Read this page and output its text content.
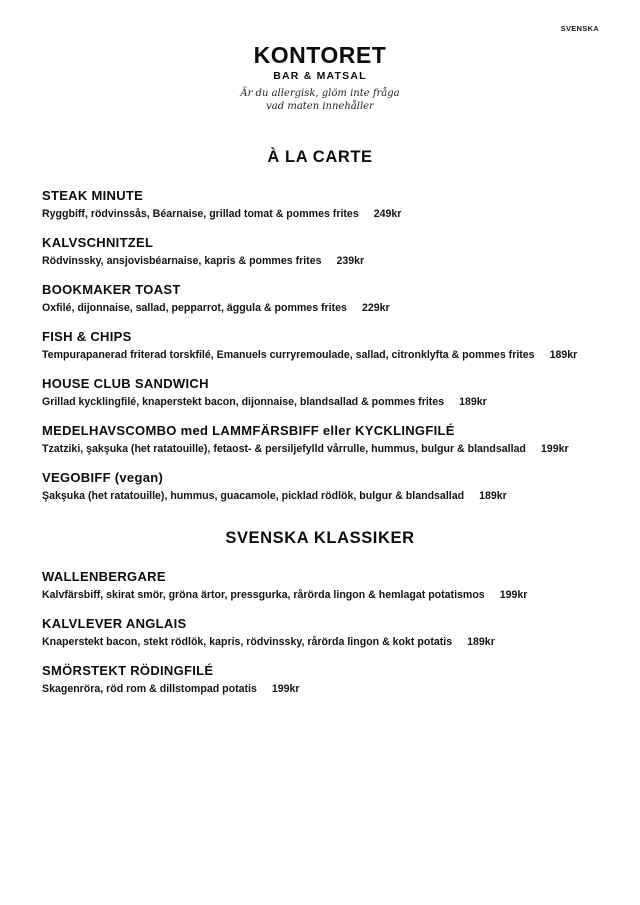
SVENSKA
KONTORET
BAR & MATSAL
Är du allergisk, glöm inte fråga
vad maten innehåller
À LA CARTE
STEAK MINUTE
Ryggbiff, rödvinssås, Béarnaise, grillad tomat & pommes frites 249kr
KALVSCHNITZEL
Rödvinssky, ansjovisbéarnaise, kapris & pommes frites 239kr
BOOKMAKER TOAST
Oxfilé, dijonnaise, sallad, pepparrot, äggula & pommes frites 229kr
FISH & CHIPS
Tempurapanerad friterad torskfilé, Emanuels curryremoulade, sallad, citronklyfta & pommes frites 189kr
HOUSE CLUB SANDWICH
Grillad kycklingfilé, knaperstekt bacon, dijonnaise, blandsallad & pommes frites 189kr
MEDELHAVSCOMBO med LAMMFÄRSBIFF eller KYCKLINGFILÉ
Tzatziki, şakşuka (het ratatouille), fetaost- & persiljefylld vårrulle, hummus, bulgur & blandsallad 199kr
VEGOBIFF (vegan)
Şakşuka (het ratatouille), hummus, guacamole, picklad rödlök, bulgur & blandsallad 189kr
SVENSKA KLASSIKER
WALLENBERGARE
Kalvfärsbiff, skirat smör, gröna ärtor, pressgurka, rårörda lingon & hemlagat potatismos 199kr
KALVLEVER ANGLAIS
Knaperstekt bacon, stekt rödlök, kapris, rödvinssky, rårörda lingon & kokt potatis 189kr
SMÖRSTEKT RÖDINGFILÉ
Skagenröra, röd rom & dillstompad potatis 199kr
